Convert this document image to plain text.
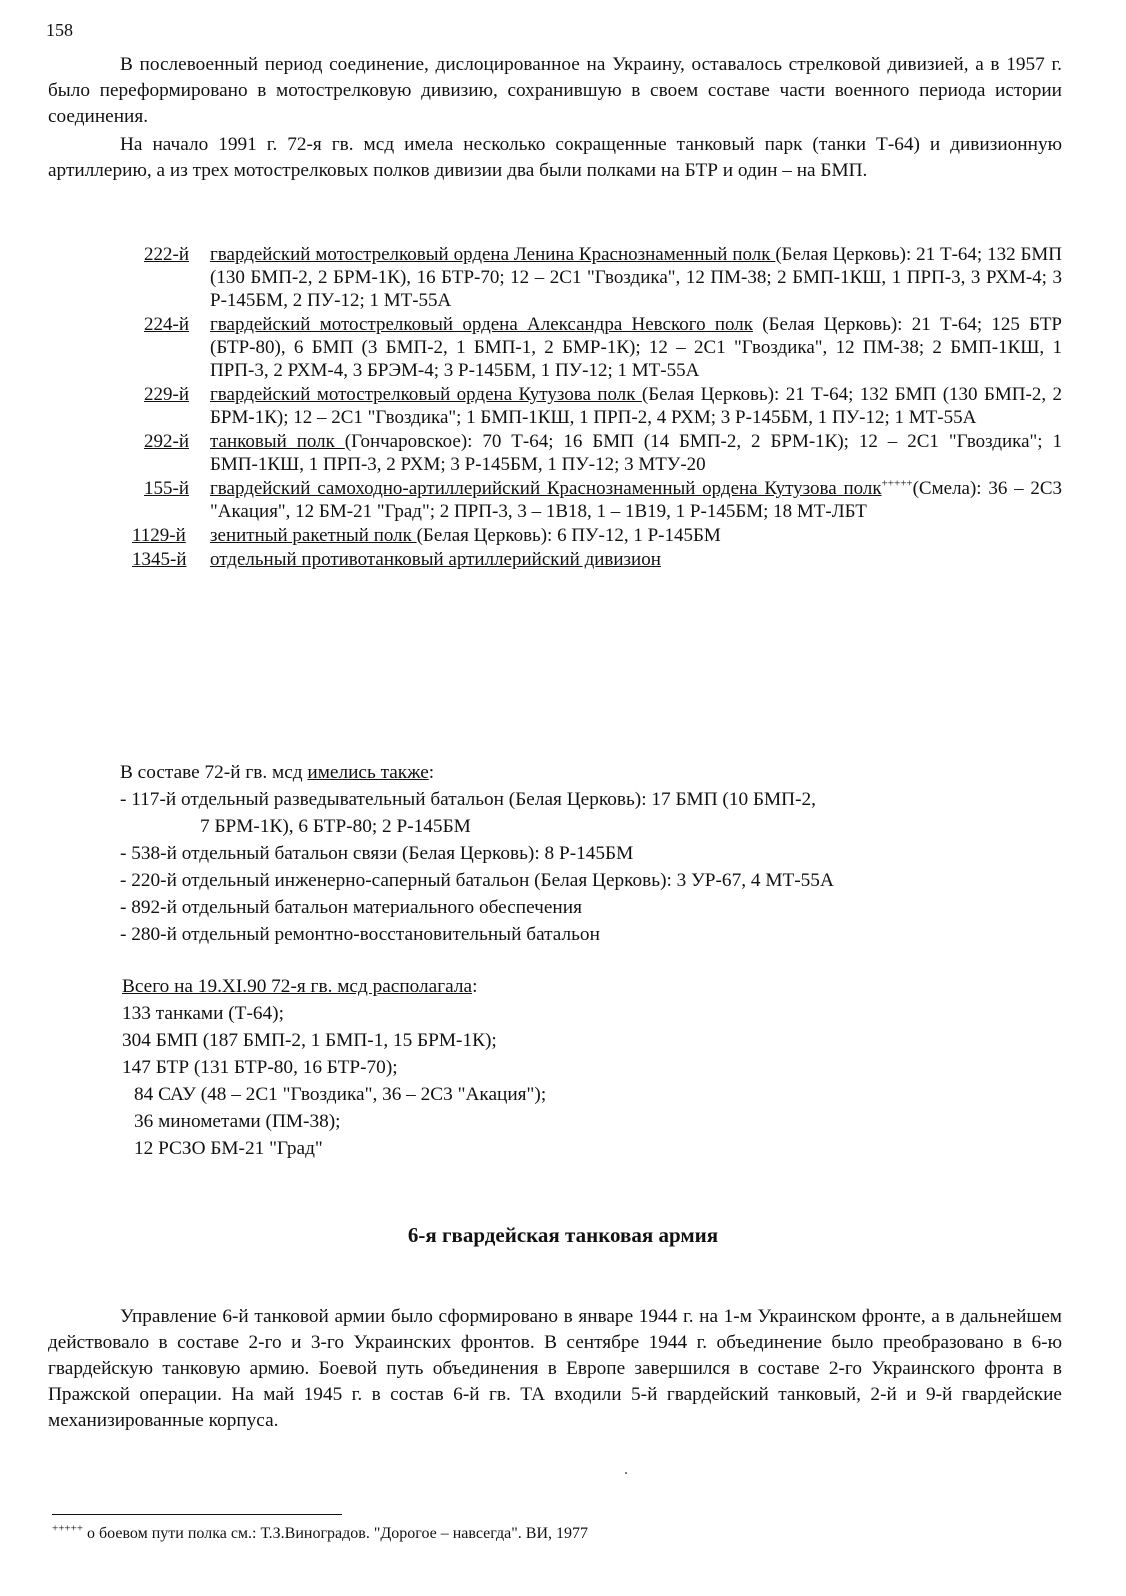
158
В послевоенный период соединение, дислоцированное на Украину, оставалось стрелковой дивизией, а в 1957 г. было переформировано в мотострелковую дивизию, сохранившую в своем составе части военного периода истории соединения.
На начало 1991 г. 72-я гв. мсд имела несколько сокращенные танковый парк (танки Т-64) и дивизионную артиллерию, а из трех мотострелковых полков дивизии два были полками на БТР и один – на БМП.
222-й гвардейский мотострелковый ордена Ленина Краснознаменный полк (Белая Церковь): 21 Т-64; 132 БМП (130 БМП-2, 2 БРМ-1К), 16 БТР-70; 12 – 2С1 "Гвоздика", 12 ПМ-38; 2 БМП-1КШ, 1 ПРП-3, 3 РХМ-4; 3 Р-145БМ, 2 ПУ-12; 1 МТ-55А
224-й гвардейский мотострелковый ордена Александра Невского полк (Белая Церковь): 21 Т-64; 125 БТР (БТР-80), 6 БМП (3 БМП-2, 1 БМП-1, 2 БМР-1К); 12 – 2С1 "Гвоздика", 12 ПМ-38; 2 БМП-1КШ, 1 ПРП-3, 2 РХМ-4, 3 БРЭМ-4; 3 Р-145БМ, 1 ПУ-12; 1 МТ-55А
229-й гвардейский мотострелковый ордена Кутузова полк (Белая Церковь): 21 Т-64; 132 БМП (130 БМП-2, 2 БРМ-1К); 12 – 2С1 "Гвоздика"; 1 БМП-1КШ, 1 ПРП-2, 4 РХМ; 3 Р-145БМ, 1 ПУ-12; 1 МТ-55А
292-й танковый полк (Гончаровское): 70 Т-64; 16 БМП (14 БМП-2, 2 БРМ-1К); 12 – 2С1 "Гвоздика"; 1 БМП-1КШ, 1 ПРП-3, 2 РХМ; 3 Р-145БМ, 1 ПУ-12; 3 МТУ-20
155-й гвардейский самоходно-артиллерийский Краснознаменный ордена Кутузова полк+++++(Смела): 36 – 2С3 "Акация", 12 БМ-21 "Град"; 2 ПРП-3, 3 – 1В18, 1 – 1В19, 1 Р-145БМ; 18 МТ-ЛБТ
1129-й зенитный ракетный полк (Белая Церковь): 6 ПУ-12, 1 Р-145БМ
1345-й отдельный противотанковый артиллерийский дивизион
В составе 72-й гв. мсд имелись также:
- 117-й отдельный разведывательный батальон (Белая Церковь): 17 БМП (10 БМП-2,
7 БРМ-1К), 6 БТР-80; 2 Р-145БМ
- 538-й отдельный батальон связи (Белая Церковь): 8 Р-145БМ
- 220-й отдельный инженерно-саперный батальон (Белая Церковь): 3 УР-67, 4 МТ-55А
- 892-й отдельный батальон материального обеспечения
- 280-й отдельный ремонтно-восстановительный батальон
Всего на 19.XI.90 72-я гв. мсд располагала:
133 танками (Т-64);
304 БМП (187 БМП-2, 1 БМП-1, 15 БРМ-1К);
147 БТР (131 БТР-80, 16 БТР-70);
84 САУ (48 – 2С1 "Гвоздика", 36 – 2С3 "Акация");
36 минометами (ПМ-38);
12 РСЗО БМ-21 "Град"
6-я гвардейская танковая армия
Управление 6-й танковой армии было сформировано в январе 1944 г. на 1-м Украинском фронте, а в дальнейшем действовало в составе 2-го и 3-го Украинских фронтов. В сентябре 1944 г. объединение было преобразовано в 6-ю гвардейскую танковую армию. Боевой путь объединения в Европе завершился в составе 2-го Украинского фронта в Пражской операции. На май 1945 г. в состав 6-й гв. ТА входили 5-й гвардейский танковый, 2-й и 9-й гвардейские механизированные корпуса.
+++++ о боевом пути полка см.: Т.З.Виноградов. "Дорогое – навсегда". ВИ, 1977
